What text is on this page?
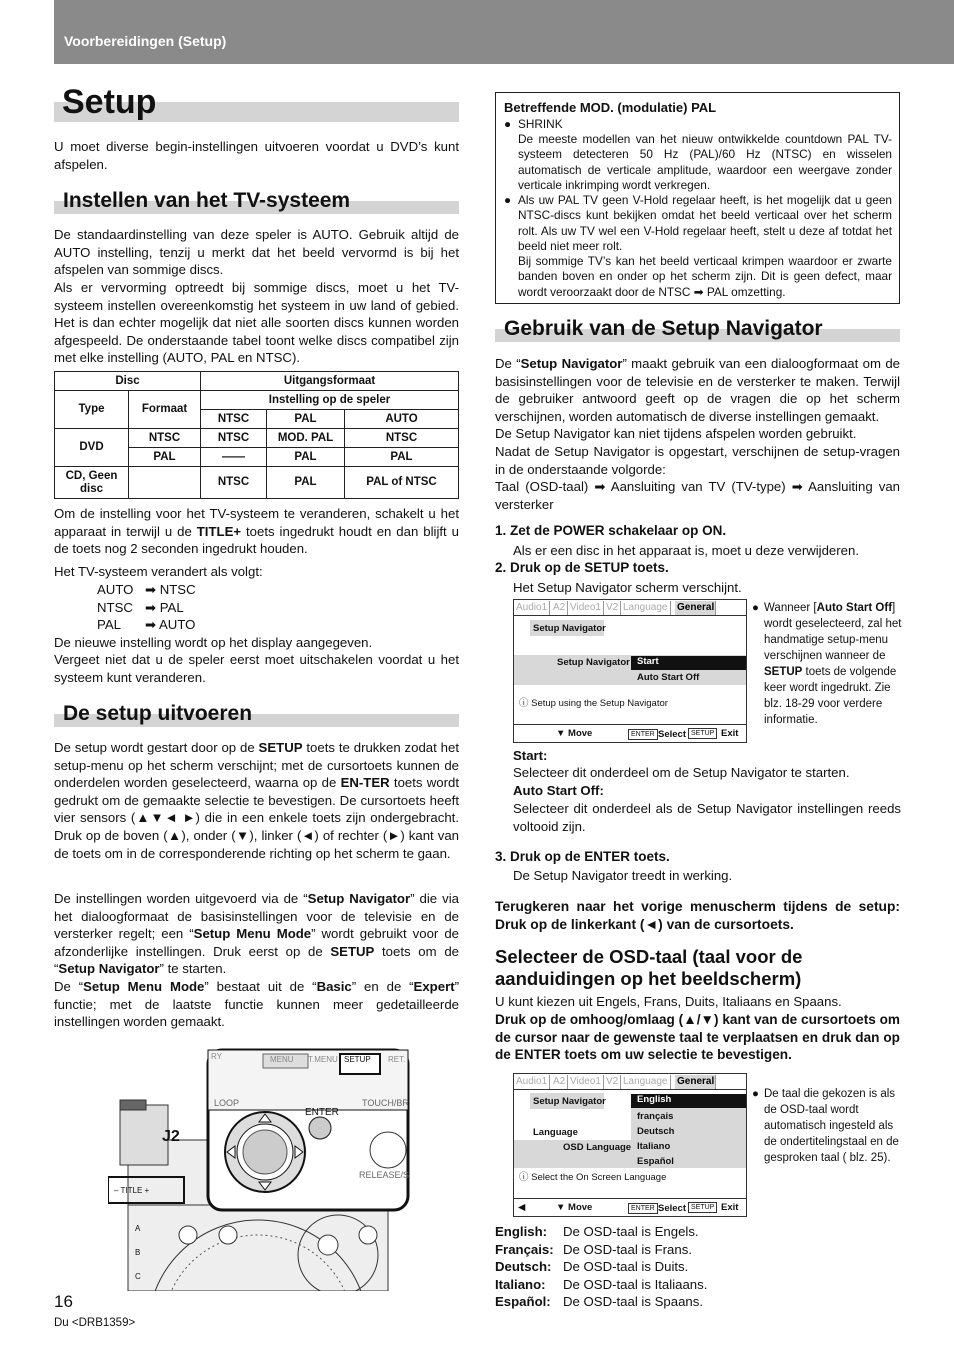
Voorbereidingen (Setup)
Setup

U moet diverse begin-instellingen uitvoeren voordat u DVD’s kunt afspelen.

Instellen van het TV-systeem

De standaardinstelling van deze speler is AUTO. Gebruik altijd de AUTO instelling, tenzij u merkt dat het beeld vervormd is bij het afspelen van sommige discs.

Als er vervorming optreedt bij sommige discs, moet u het TV-systeem instellen overeenkomstig het systeem in uw land of gebied. Het is dan echter mogelijk dat niet alle soorten discs kunnen worden afgespeeld. De onderstaande tabel toont welke discs compatibel zijn met elke instelling (AUTO, PAL en NTSC).

Disc		Uitgangsformaat		
Type	Formaat	Instelling op de speler		
		NTSC	PAL	AUTO
DVD	NTSC	NTSC	MOD. PAL	NTSC
	PAL	——	PAL	PAL
CD, Geen disc		NTSC	PAL	PAL of NTSC

Om de instelling voor het TV-systeem te veranderen, schakelt u het apparaat in terwijl u de TITLE+ toets ingedrukt houdt en dan blijft u de toets nog 2 seconden ingedrukt houden.

Het TV-systeem verandert als volgt:

AUTO ➡ NTSC
NTSC ➡ PAL
PAL ➡ AUTO

De nieuwe instelling wordt op het display aangegeven.

Vergeet niet dat u de speler eerst moet uitschakelen voordat u het systeem kunt veranderen.

De setup uitvoeren

De setup wordt gestart door op de SETUP toets te drukken zodat het setup-menu op het scherm verschijnt; met de cursortoets kunnen de onderdelen worden geselecteerd, waarna op de EN-TER toets wordt gedrukt om de gemaakte selectie te bevestigen. De cursortoets heeft vier sensors (▲▼◄ ►) die in een enkele toets zijn ondergebracht. Druk op de boven (▲), onder (▼), linker (◄) of rechter (►) kant van de toets om in de corresponderende richting op het scherm te gaan.

De instellingen worden uitgevoerd via de “Setup Navigator” die via het dialoogformaat de basisinstellingen voor de televisie en de versterker regelt; een “Setup Menu Mode” wordt gebruikt voor de afzonderlijke instellingen. Druk eerst op de SETUP toets om de “Setup Navigator” te starten.

De “Setup Menu Mode” bestaat uit de “Basic” en de “Expert” functie; met de laatste functie kunnen meer gedetailleerde instellingen worden gemaakt.

J2
RY	MENU T.MENU SETUP RET.
ENTER
LOOP	TOUCH/BR
RELEASE/S
– TITLE +
A
B
C
Betreffende MOD. (modulatie) PAL
● SHRINK

De meeste modellen van het nieuw ontwikkelde countdown PAL TV-systeem detecteren 50 Hz (PAL)/60 Hz (NTSC) en wisselen automatisch de verticale amplitude, waardoor een weergave zonder verticale inkrimping wordt verkregen.

● Als uw PAL TV geen V-Hold regelaar heeft, is het mogelijk dat u geen NTSC-discs kunt bekijken omdat het beeld verticaal over het scherm rolt. Als uw TV wel een V-Hold regelaar heeft, stelt u deze af totdat het beeld niet meer rolt.

Bij sommige TV’s kan het beeld verticaal krimpen waardoor er zwarte banden boven en onder op het scherm zijn. Dit is geen defect, maar wordt veroorzaakt door de NTSC ➡ PAL omzetting.

Gebruik van de Setup Navigator

De “Setup Navigator” maakt gebruik van een dialoogformaat om de basisinstellingen voor de televisie en de versterker te maken. Terwijl de gebruiker antwoord geeft op de vragen die op het scherm verschijnen, worden automatisch de diverse instellingen gemaakt.

De Setup Navigator kan niet tijdens afspelen worden gebruikt.

Nadat de Setup Navigator is opgestart, verschijnen de setup-vragen in de onderstaande volgorde:

Taal (OSD-taal) ➡ Aansluiting van TV (TV-type) ➡ Aansluiting van versterker

1. Zet de POWER schakelaar op ON.
Als er een disc in het apparaat is, moet u deze verwijderen.
2. Druk op de SETUP toets.
Het Setup Navigator scherm verschijnt.
Audio1 A2 Video1 V2 Language General
Setup Navigator
Setup Navigator Start
Auto Start Off
ⓘ Setup using the Setup Navigator
▼ Move	ENTER Select SETUP Exit
● Wanneer [Auto Start Off] wordt geselecteerd, zal het handmatige setup-menu verschijnen wanneer de SETUP toets de volgende keer wordt ingedrukt. Zie blz. 18-29 voor verdere informatie.

Start:
Selecteer dit onderdeel om de Setup Navigator te starten.
Auto Start Off:

Selecteer dit onderdeel als de Setup Navigator instellingen reeds voltooid zijn.

3. Druk op de ENTER toets.
De Setup Navigator treedt in werking.

Terugkeren naar het vorige menuscherm tijdens de setup: Druk op de linkerkant (◄) van de cursortoets.

Selecteer de OSD-taal (taal voor de aanduidingen op het beeldscherm)
U kunt kiezen uit Engels, Frans, Duits, Italiaans en Spaans.

Druk op de omhoog/omlaag (▲/▼) kant van de cursortoets om de cursor naar de gewenste taal te verplaatsen en druk dan op de ENTER toets om uw selectie te bevestigen.

Audio1 A2 Video1 V2 Language General
Setup Navigator
Language
OSD Language
English
français
Deutsch
Italiano
Español
ⓘ Select the On Screen Language
◀	▼ Move	ENTER Select SETUP Exit
● De taal die gekozen is als de OSD-taal wordt automatisch ingesteld als de ondertitelingstaal en de gesproken taal ( blz. 25).

English: De OSD-taal is Engels.
Français: De OSD-taal is Frans.
Deutsch: De OSD-taal is Duits.
Italiano: De OSD-taal is Italiaans.
Español: De OSD-taal is Spaans.
16
Du <DRB1359>
